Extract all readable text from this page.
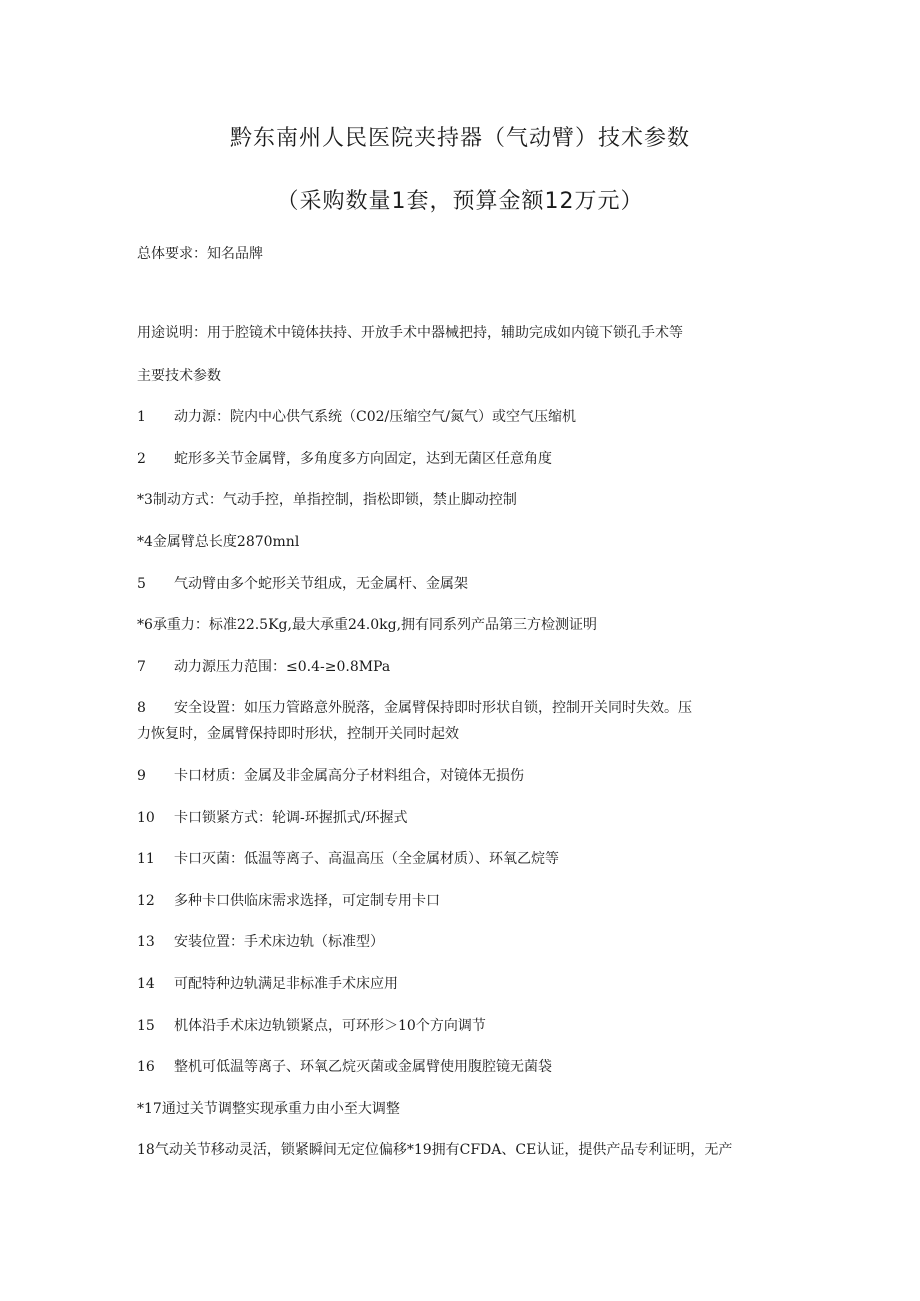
黔东南州人民医院夹持器（气动臂）技术参数
（采购数量1套，预算金额12万元）
总体要求：知名品牌
用途说明：用于腔镜术中镜体扶持、开放手术中器械把持，辅助完成如内镜下锁孔手术等
主要技术参数
1 动力源：院内中心供气系统（C02/压缩空气/氮气）或空气压缩机
2 蛇形多关节金属臂，多角度多方向固定，达到无菌区任意角度
*3制动方式：气动手控，单指控制，指松即锁，禁止脚动控制
*4金属臂总长度2870mnl
5 气动臂由多个蛇形关节组成，无金属杆、金属架
*6承重力：标准22.5Kg,最大承重24.0kg,拥有同系列产品第三方检测证明
7 动力源压力范围：≤0.4-≥0.8MPa
8 安全设置：如压力管路意外脱落，金属臂保持即时形状自锁，控制开关同时失效。压
力恢复时，金属臂保持即时形状，控制开关同时起效
9 卡口材质：金属及非金属高分子材料组合，对镜体无损伤
10 卡口锁紧方式：轮调-环握抓式/环握式
11 卡口灭菌：低温等离子、高温高压（全金属材质）、环氧乙烷等
12 多种卡口供临床需求选择，可定制专用卡口
13 安装位置：手术床边轨（标准型）
14 可配特种边轨满足非标准手术床应用
15 机体沿手术床边轨锁紧点，可环形＞10个方向调节
16 整机可低温等离子、环氧乙烷灭菌或金属臂使用腹腔镜无菌袋
*17通过关节调整实现承重力由小至大调整
18气动关节移动灵活，锁紧瞬间无定位偏移*19拥有CFDA、CE认证，提供产品专利证明，无产
